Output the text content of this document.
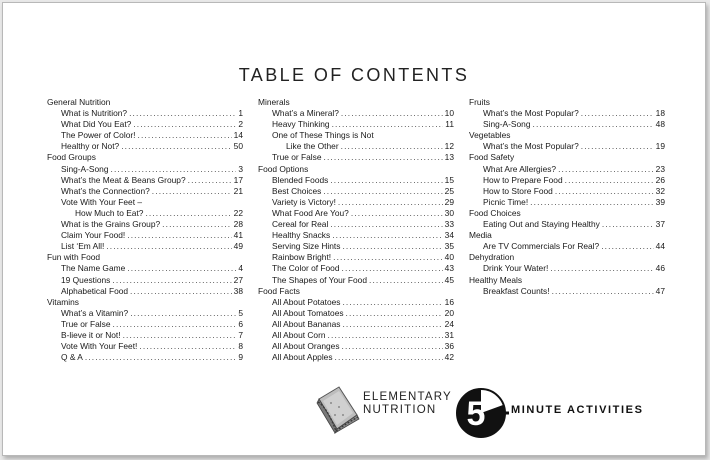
TABLE OF CONTENTS
General Nutrition
What is Nutrition? . . .	1
What Did You Eat? . . .	2
The Power of Color! . . .	14
Healthy or Not? . . .	50
Food Groups
Sing-A-Song . . .	3
What’s the Meat & Beans Group? . . .	17
What’s the Connection? . . .	21
Vote With Your Feet –
How Much to Eat? . . .	22
What is the Grains Group? . . .	28
Claim Your Food! . . .	41
List ‘Em All! . . .	49
Fun with Food
The Name Game . . .	4
19 Questions . . .	27
Alphabetical Food . . .	38
Vitamins
What’s a Vitamin? . . .	5
True or False . . .	6
B-lieve it or Not! . . .	7
Vote With Your Feet! . . .	8
Q & A . . .	9
Minerals
What’s a Mineral? . . .	10
Heavy Thinking . . .	11
One of These Things is Not
Like the Other . . .	12
True or False . . .	13
Food Options
Blended Foods . . .	15
Best Choices . . .	25
Variety is Victory! . . .	29
What Food Are You? . . .	30
Cereal for Real . . .	33
Healthy Snacks . . .	34
Serving Size Hints . . .	35
Rainbow Bright! . . .	40
The Color of Food . . .	43
The Shapes of Your Food . . .	45
Food Facts
All About Potatoes . . .	16
All About Tomatoes . . .	20
All About Bananas . . .	24
All About Corn . . .	31
All About Oranges . . .	36
All About Apples . . .	42
Fruits
What’s the Most Popular? . . .	18
Sing-A-Song . . .	48
Vegetables
What’s the Most Popular? . . .	19
Food Safety
What Are Allergies? . . .	23
How to Prepare Food . . .	26
How to Store Food . . .	32
Picnic Time! . . .	39
Food Choices
Eating Out and Staying Healthy . . .	37
Media
Are TV Commercials For Real? . . .	44
Dehydration
Drink Your Water! . . .	46
Healthy Meals
Breakfast Counts! . . .	47
ELEMENTARY
NUTRITION 5 MINUTE ACTIVITIES
